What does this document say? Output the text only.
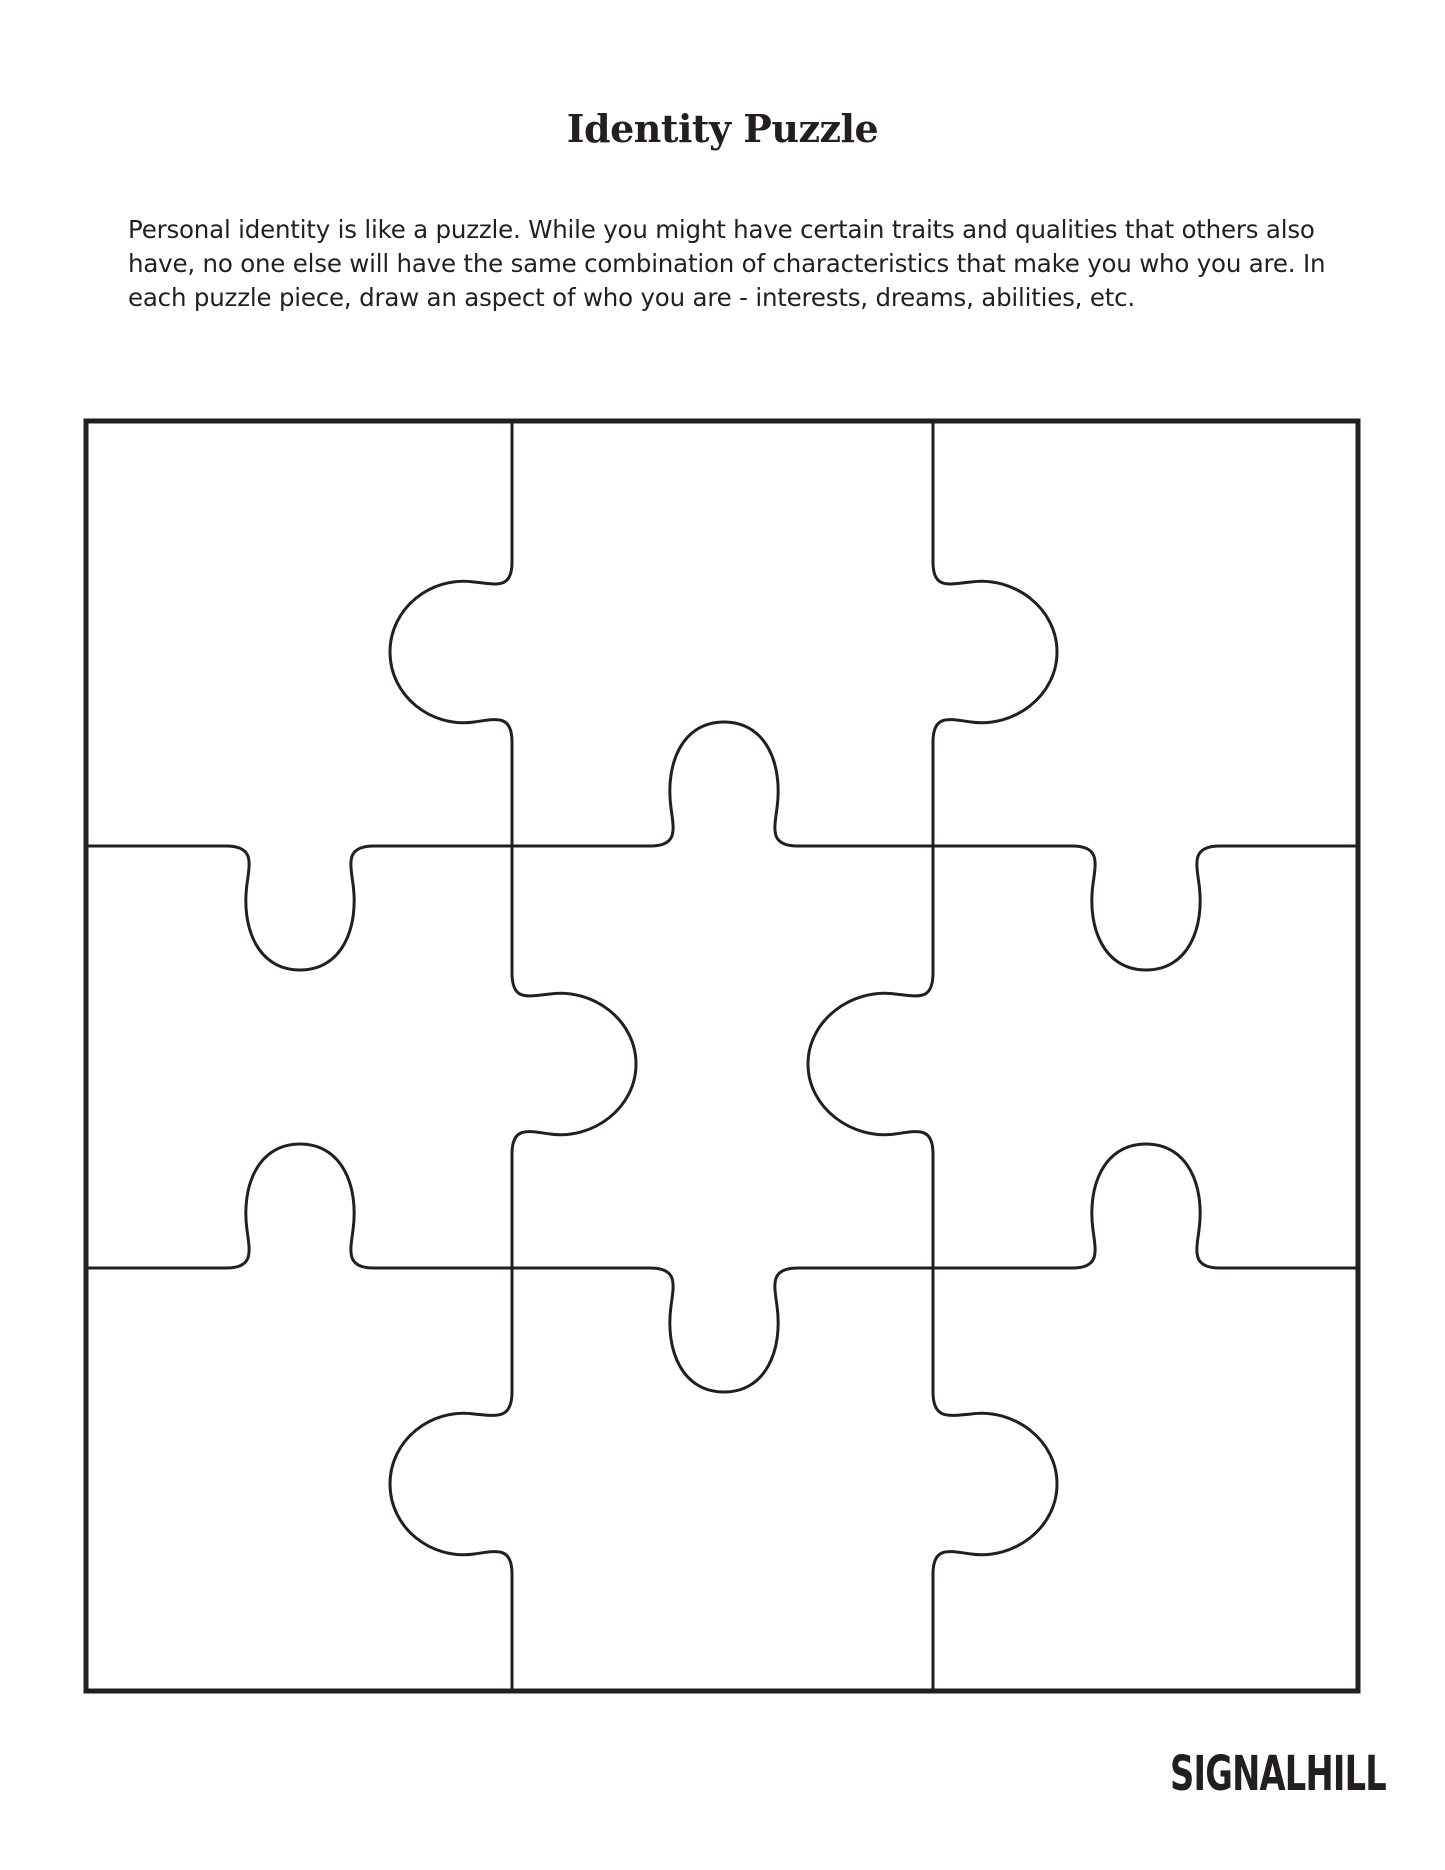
Identity Puzzle

Personal identity is like a puzzle. While you might have certain traits and qualities that others also have, no one else will have the same combination of characteristics that make you who you are. In each puzzle piece, draw an aspect of who you are - interests, dreams, abilities, etc.

SIGNALHILL
